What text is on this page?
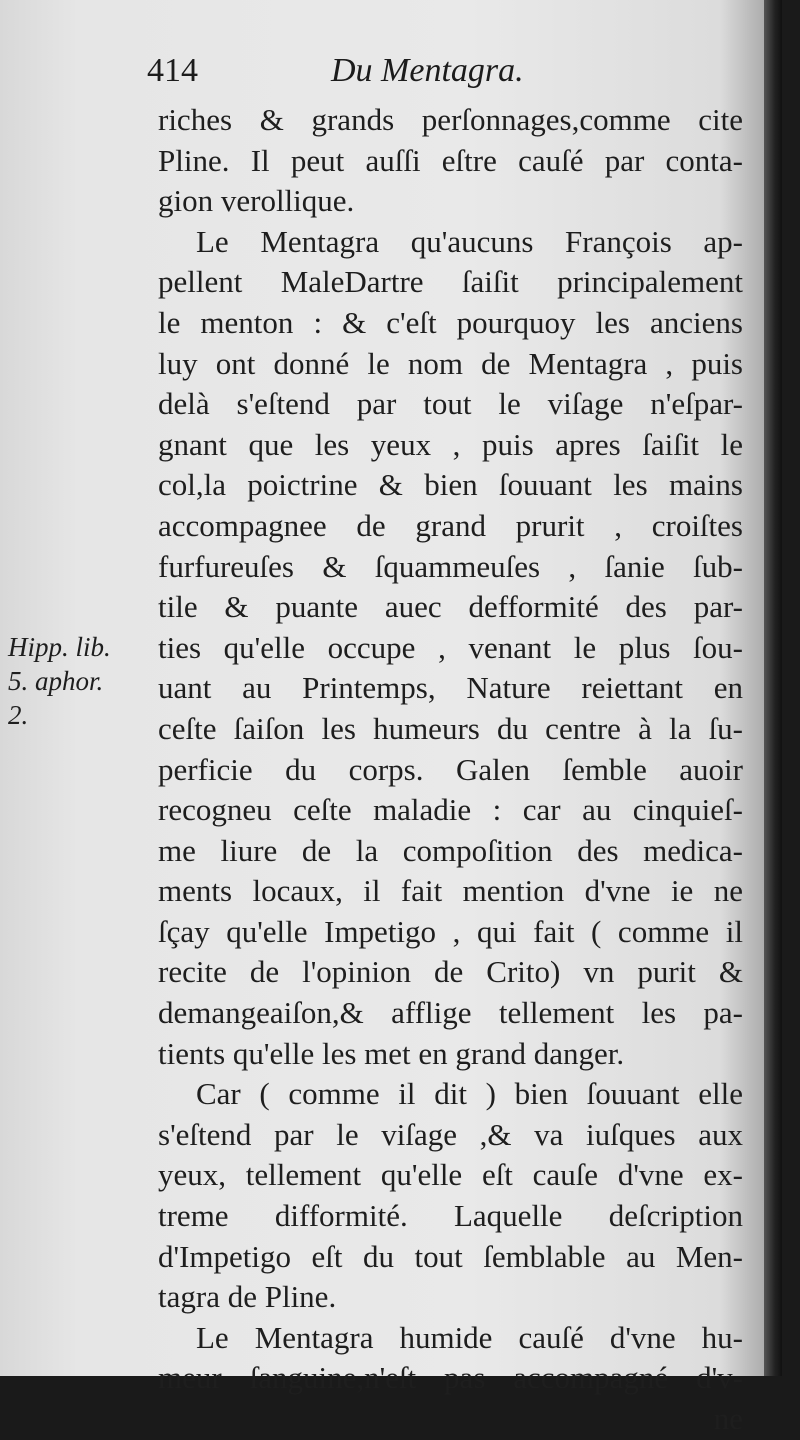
414	Du Mentagra.
Hipp. lib.
5. aphor.
2.
riches & grands perſonnages,comme cite
Pline. Il peut auſſi eſtre cauſé par conta-
gion verollique.
Le Mentagra qu'aucuns François ap-
pellent MaleDartre ſaiſit principalement
le menton : & c'eſt pourquoy les anciens
luy ont donné le nom de Mentagra , puis
delà s'eſtend par tout le viſage n'eſpar-
gnant que les yeux , puis apres ſaiſit le
col,la poictrine & bien ſouuant les mains
accompagnee de grand prurit , croiſtes
furfureuſes & ſquammeuſes , ſanie ſub-
tile & puante auec defformité des par-
ties qu'elle occupe , venant le plus ſou-
uant au Printemps, Nature reiettant en
ceſte ſaiſon les humeurs du centre à la ſu-
perficie du corps. Galen ſemble auoir
recogneu ceſte maladie : car au cinquieſ-
me liure de la compoſition des medica-
ments locaux, il fait mention d'vne ie ne
ſçay qu'elle Impetigo , qui fait ( comme il
recite de l'opinion de Crito) vn purit &
demangeaiſon,& afflige tellement les pa-
tients qu'elle les met en grand danger.
Car ( comme il dit ) bien ſouuant elle
s'eſtend par le viſage ,& va iuſques aux
yeux, tellement qu'elle eſt cauſe d'vne ex-
treme difformité. Laquelle deſcription
d'Impetigo eſt du tout ſemblable au Men-
tagra de Pline.
Le Mentagra humide cauſé d'vne hu-
meur ſanguine,n'eſt pas accompagné d'v-
ne
